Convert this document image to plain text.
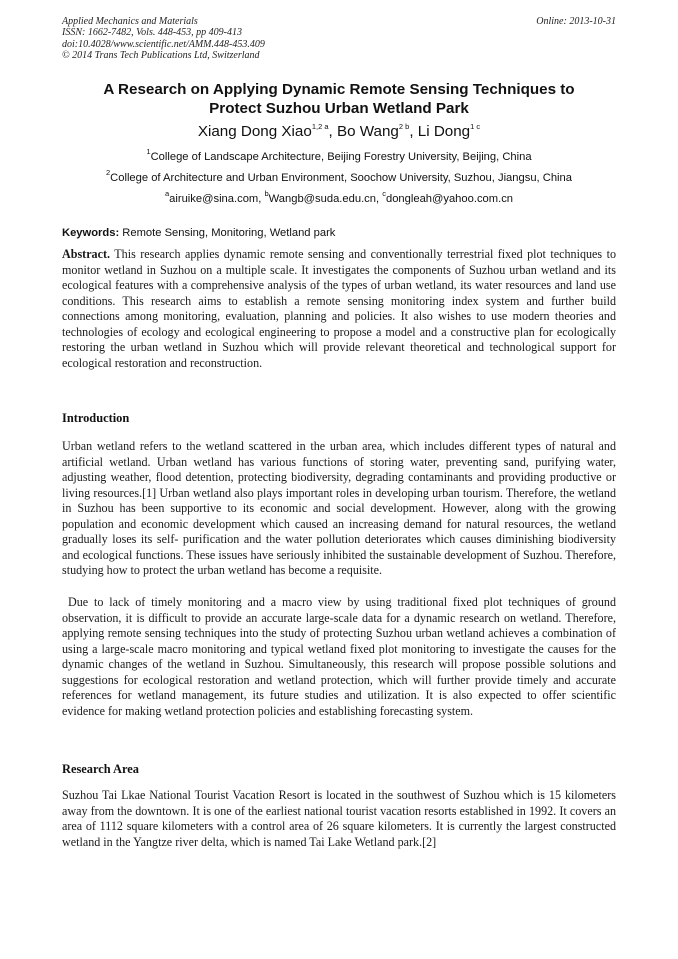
Applied Mechanics and Materials
ISSN: 1662-7482, Vols. 448-453, pp 409-413
doi:10.4028/www.scientific.net/AMM.448-453.409
© 2014 Trans Tech Publications Ltd, Switzerland
Online: 2013-10-31
A Research on Applying Dynamic Remote Sensing Techniques to
Protect Suzhou Urban Wetland Park
Xiang Dong Xiao$^{1,2 a}$, Bo Wang$^{2 b}$, Li Dong$^{1 c}$
$^1$College of Landscape Architecture, Beijing Forestry University, Beijing, China
$^2$College of Architecture and Urban Environment, Soochow University, Suzhou, Jiangsu, China
$^a$airuike@sina.com, $^b$Wangb@suda.edu.cn, $^c$dongleah@yahoo.com.cn
Keywords: Remote Sensing, Monitoring, Wetland park
Abstract. This research applies dynamic remote sensing and conventionally terrestrial fixed plot techniques to monitor wetland in Suzhou on a multiple scale. It investigates the components of Suzhou urban wetland and its ecological features with a comprehensive analysis of the types of urban wetland, its water resources and land use conditions. This research aims to establish a remote sensing monitoring index system and further build connections among monitoring, evaluation, planning and policies. It also wishes to use modern theories and technologies of ecology and ecological engineering to propose a model and a constructive plan for ecologically restoring the urban wetland in Suzhou which will provide relevant theoretical and technological support for ecological restoration and reconstruction.
Introduction
Urban wetland refers to the wetland scattered in the urban area, which includes different types of natural and artificial wetland. Urban wetland has various functions of storing water, preventing sand, purifying water, adjusting weather, flood detention, protecting biodiversity, degrading contaminants and providing productive or living resources.[1] Urban wetland also plays important roles in developing urban tourism. Therefore, the wetland in Suzhou has been supportive to its economic and social development. However, along with the growing population and economic development which caused an increasing demand for natural resources, the wetland gradually loses its self- purification and the water pollution deteriorates which causes diminishing biodiversity and ecological functions. These issues have seriously inhibited the sustainable development of Suzhou. Therefore, studying how to protect the urban wetland has become a requisite.
Due to lack of timely monitoring and a macro view by using traditional fixed plot techniques of ground observation, it is difficult to provide an accurate large-scale data for a dynamic research on wetland. Therefore, applying remote sensing techniques into the study of protecting Suzhou urban wetland achieves a combination of using a large-scale macro monitoring and typical wetland fixed plot monitoring to investigate the causes for the dynamic changes of the wetland in Suzhou. Simultaneously, this research will propose possible solutions and suggestions for ecological restoration and wetland protection, which will further provide timely and accurate references for wetland management, its future studies and utilization. It is also expected to offer scientific evidence for making wetland protection policies and establishing forecasting system.
Research Area
Suzhou Tai Lkae National Tourist Vacation Resort is located in the southwest of Suzhou which is 15 kilometers away from the downtown. It is one of the earliest national tourist vacation resorts established in 1992. It covers an area of 1112 square kilometers with a control area of 26 square kilometers. It is currently the largest constructed wetland in the Yangtze river delta, which is named Tai Lake Wetland park.[2]
